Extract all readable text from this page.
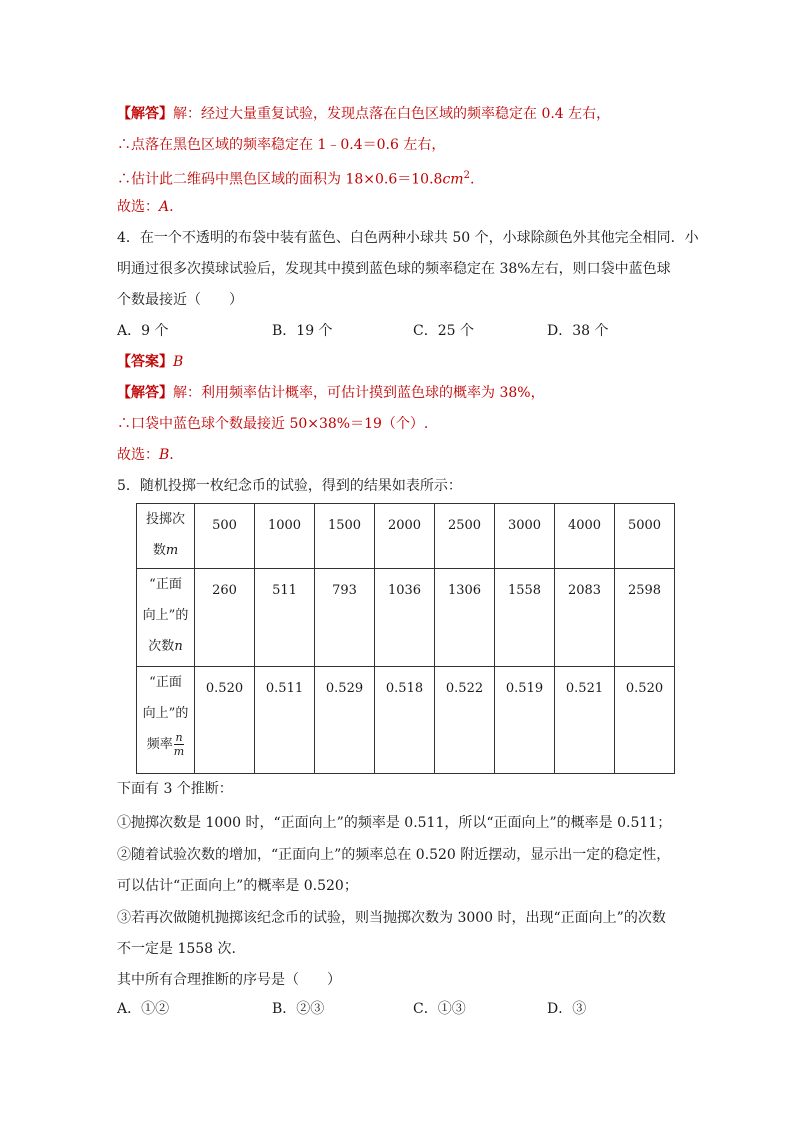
【解答】解：经过大量重复试验，发现点落在白色区域的频率稳定在 0.4 左右，
∴点落在黑色区域的频率稳定在 1﹣0.4＝0.6 左右，
∴估计此二维码中黑色区域的面积为 $18\times 0.6=10.8cm^2$.
故选：A.
4．在一个不透明的布袋中装有蓝色、白色两种小球共 50 个，小球除颜色外其他完全相同．小
明通过很多次摸球试验后，发现其中摸到蓝色球的频率稳定在 38%左右，则口袋中蓝色球
个数最接近（　　）
A．9 个	B．19 个	C．25 个	D．38 个
【答案】B
【解答】解：利用频率估计概率，可估计摸到蓝色球的概率为 38%，
∴口袋中蓝色球个数最接近 50×38%＝19（个）.
故选：B.
5．随机投掷一枚纪念币的试验，得到的结果如表所示：
投掷次
数m	500	1000	1500	2000	2500	3000	4000	5000
“正面
向上”的
次数n	260	511	793	1036	1306	1558	2083	2598
“正面
向上”的
频率 $\frac{n}{m}$	0.520	0.511	0.529	0.518	0.522	0.519	0.521	0.520
下面有 3 个推断：
①抛掷次数是 1000 时，“正面向上”的频率是 0.511，所以“正面向上”的概率是 0.511；
②随着试验次数的增加，“正面向上”的频率总在 0.520 附近摆动，显示出一定的稳定性，
可以估计“正面向上”的概率是 0.520；
③若再次做随机抛掷该纪念币的试验，则当抛掷次数为 3000 时，出现“正面向上”的次数
不一定是 1558 次.
其中所有合理推断的序号是（　　）
A．①②	B．②③	C．①③	D．③
